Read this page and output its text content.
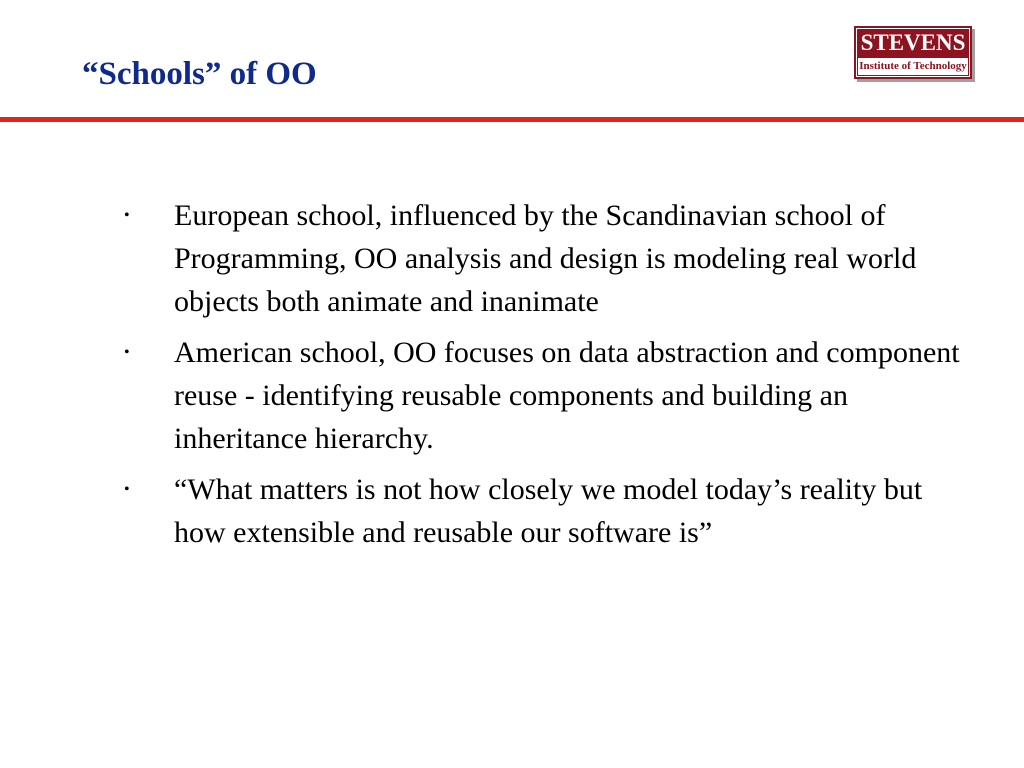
“Schools” of OO
STEVENS
Institute of Technology
• European school, influenced by the Scandinavian school of Programming, OO analysis and design is modeling real world objects both animate and inanimate
• American school, OO focuses on data abstraction and component reuse - identifying reusable components and building an inheritance hierarchy.
• “What matters is not how closely we model today’s reality but how extensible and reusable our software is”
